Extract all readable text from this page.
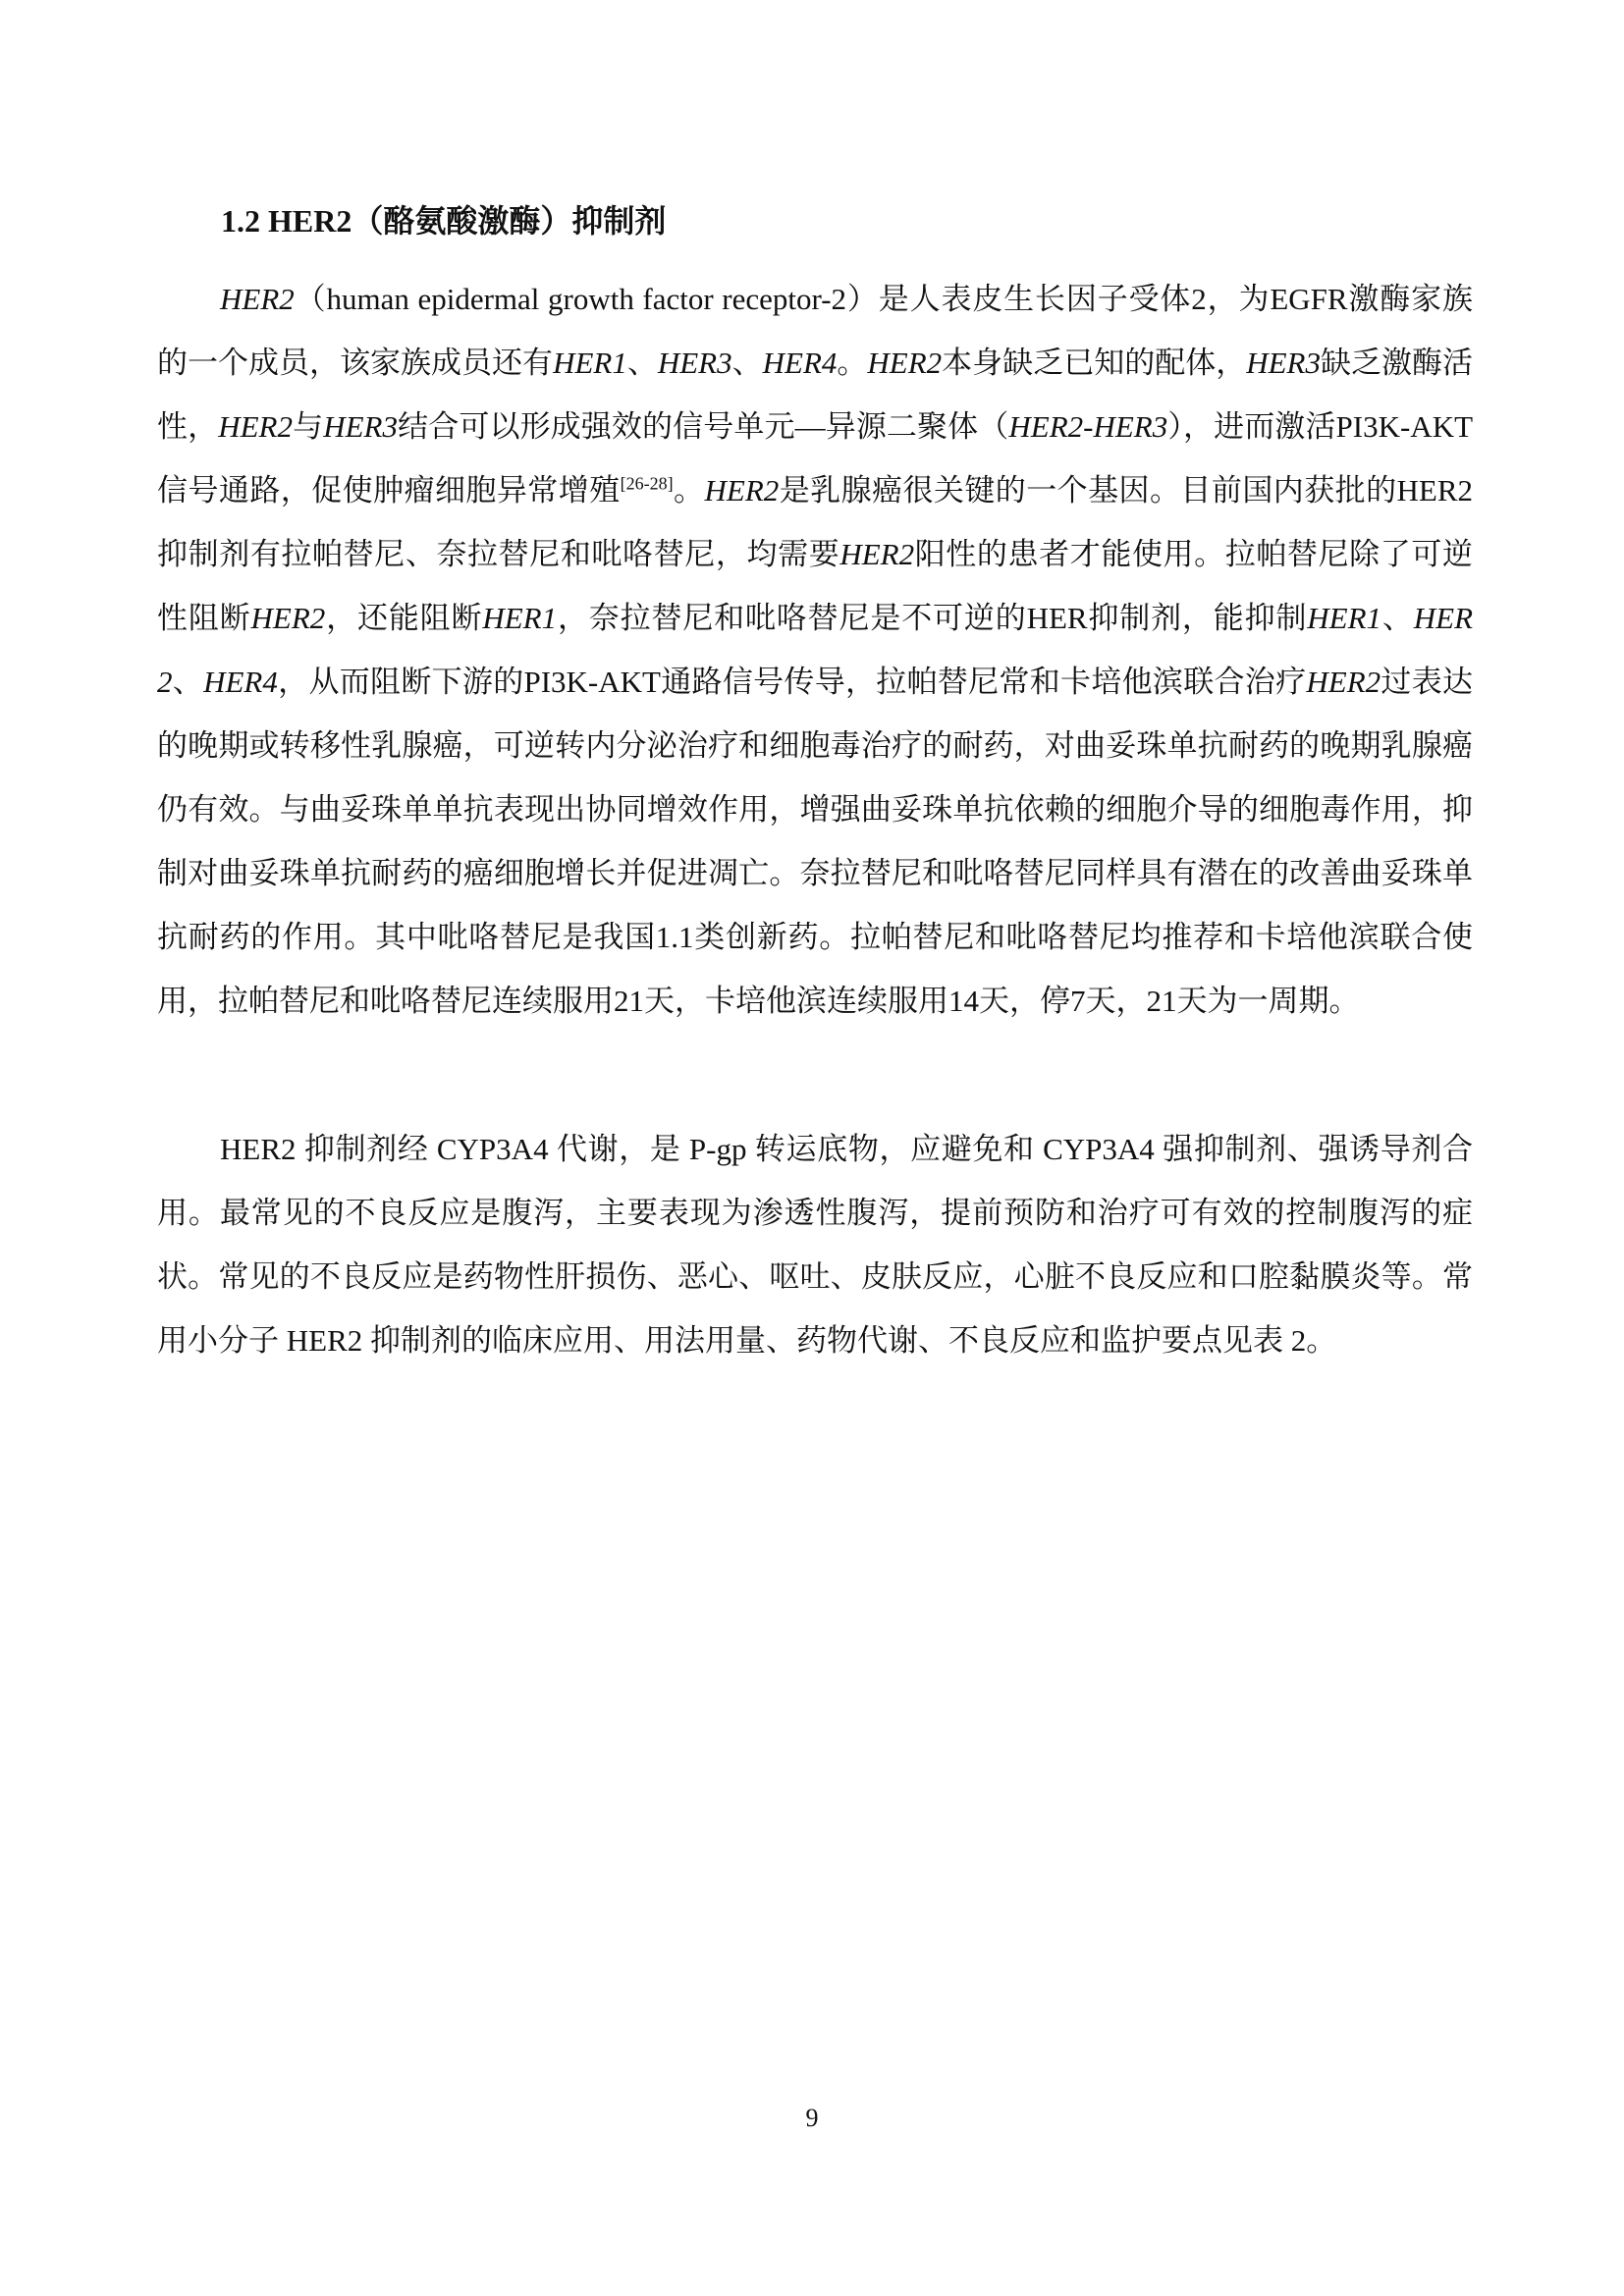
1.2 HER2（酪氨酸激酶）抑制剂

HER2（human epidermal growth factor receptor-2）是人表皮生长因子受体2，为EGFR激酶家族的一个成员，该家族成员还有HER1、HER3、HER4。HER2本身缺乏已知的配体，HER3缺乏激酶活性，HER2与HER3结合可以形成强效的信号单元—异源二聚体（HER2-HER3），进而激活PI3K-AKT信号通路，促使肿瘤细胞异常增殖[26-28]。HER2是乳腺癌很关键的一个基因。目前国内获批的HER2抑制剂有拉帕替尼、奈拉替尼和吡咯替尼，均需要HER2阳性的患者才能使用。拉帕替尼除了可逆性阻断HER2，还能阻断HER1，奈拉替尼和吡咯替尼是不可逆的HER抑制剂，能抑制HER1、HER2、HER4，从而阻断下游的PI3K-AKT通路信号传导，拉帕替尼常和卡培他滨联合治疗HER2过表达的晚期或转移性乳腺癌，可逆转内分泌治疗和细胞毒治疗的耐药，对曲妥珠单抗耐药的晚期乳腺癌仍有效。与曲妥珠单单抗表现出协同增效作用，增强曲妥珠单抗依赖的细胞介导的细胞毒作用，抑制对曲妥珠单抗耐药的癌细胞增长并促进凋亡。奈拉替尼和吡咯替尼同样具有潜在的改善曲妥珠单抗耐药的作用。其中吡咯替尼是我国1.1类创新药。拉帕替尼和吡咯替尼均推荐和卡培他滨联合使用，拉帕替尼和吡咯替尼连续服用21天，卡培他滨连续服用14天，停7天，21天为一周期。

HER2 抑制剂经 CYP3A4 代谢，是 P-gp 转运底物，应避免和 CYP3A4 强抑制剂、强诱导剂合用。最常见的不良反应是腹泻，主要表现为渗透性腹泻，提前预防和治疗可有效的控制腹泻的症状。常见的不良反应是药物性肝损伤、恶心、呕吐、皮肤反应，心脏不良反应和口腔黏膜炎等。常用小分子 HER2 抑制剂的临床应用、用法用量、药物代谢、不良反应和监护要点见表 2。

9
